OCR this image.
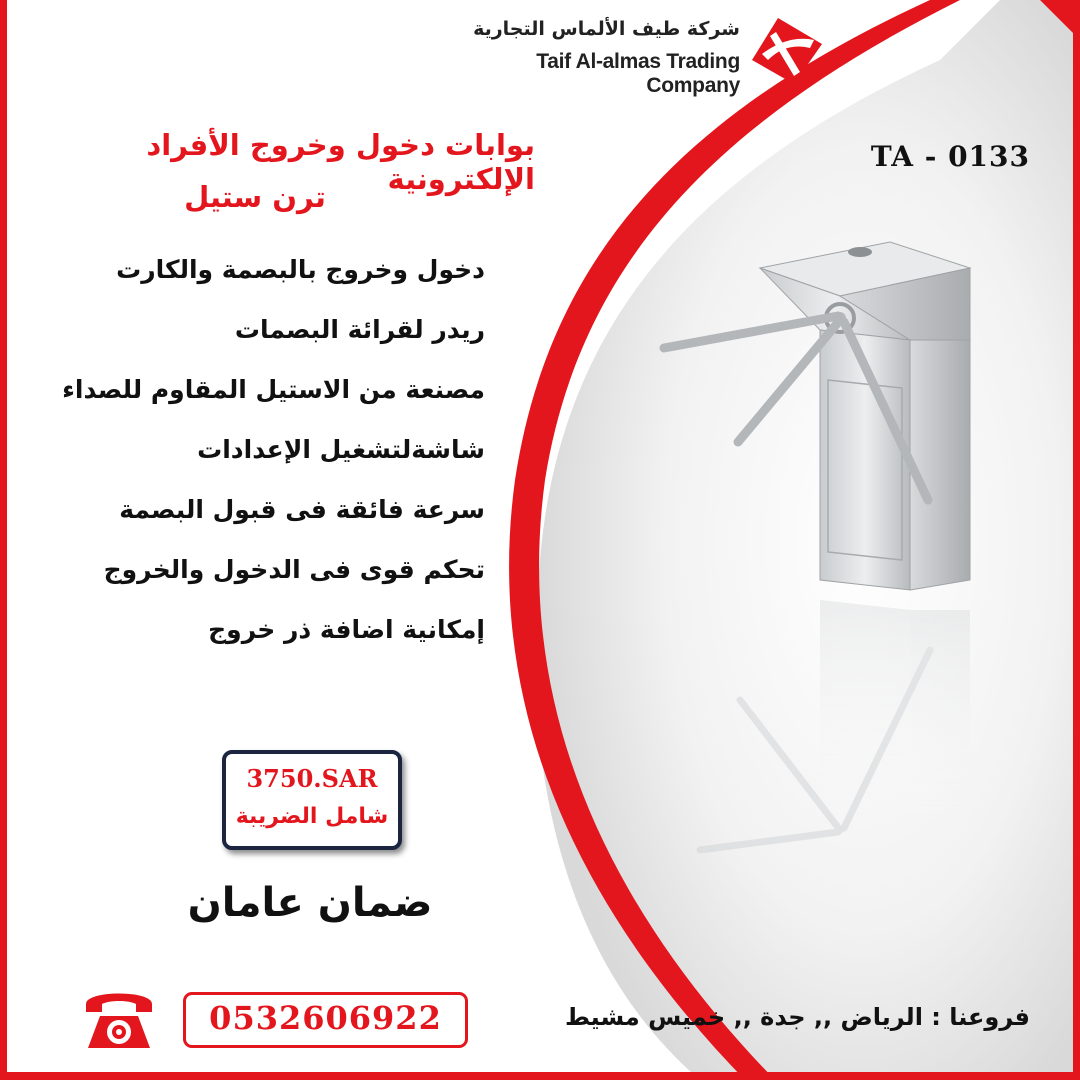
شركة طيف الألماس التجارية
Taif Al-almas Trading Company
TA - 0133
بوابات دخول وخروج الأفراد الإلكترونية
ترن ستيل
دخول وخروج بالبصمة والكارت
ريدر لقرائة البصمات
مصنعة من الاستيل المقاوم للصداء
شاشةلتشغيل الإعدادات
سرعة فائقة فى قبول البصمة
تحكم قوى فى الدخول والخروج
إمكانية اضافة ذر خروج
3750.SAR
شامل الضريبة
ضمان عامان
0532606922	فروعنا : الرياض ,, جدة ,, خميس مشيط
